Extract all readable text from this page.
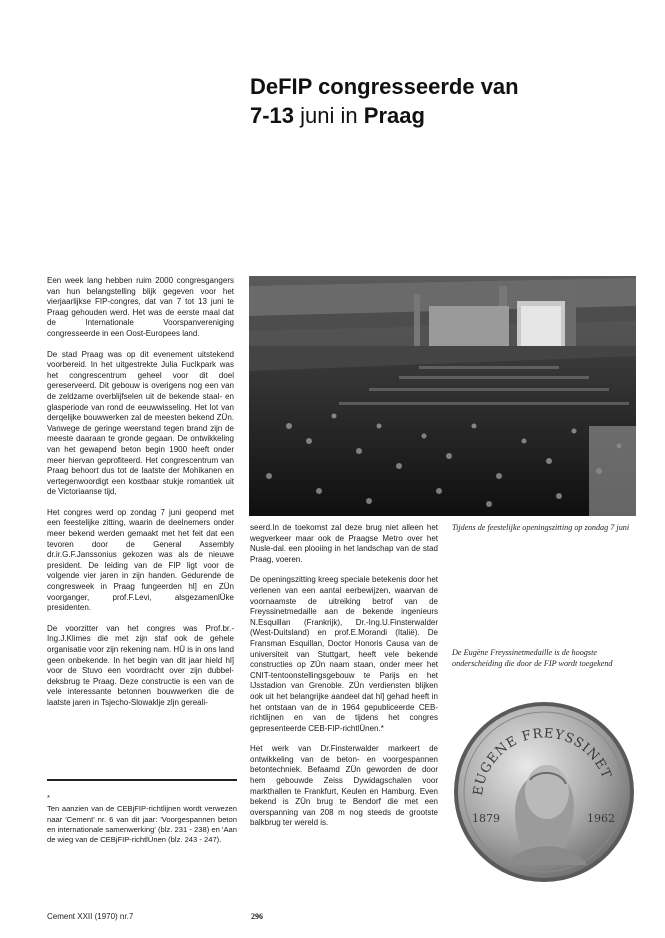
DeFIP congresseerde van
7-13 juni in Praag

Een week lang hebben ruim 2000 congresgangers van hun belangstelling blijk gegeven voor het vierjaarlijkse FIP-congres, dat van 7 tot 13 juni te Praag gehouden werd. Het was de eerste maal dat de Internationale Voorspanvereniging congresseerde in een Oost-Europees land.

De stad Praag was op dit evenement uitstekend voorbereid. In het uitgestrekte Julia Fuclkpark was het congrescentrum geheel voor dit doel gereserveerd. Dit gebouw is overigens nog een van de zeldzame overblijfselen uit de bekende staal- en glasperiode van rond de eeuwwisseling. Het lot van derqelijke bouwwerken zal de meesten bekend ZÜn. Vanwege de geringe weerstand tegen brand zijn de meeste daaraan te gronde gegaan. De ontwikkeling van het gewapend beton begin 1900 heeft onder meer hiervan geprofiteerd. Het congrescentrum van Praag behoort dus tot de laatste der Mohikanen en vertegenwoordigt een kostbaar stukje romantiek uit de Victoriaanse tijd,

Het congres werd op zondag 7 juni geopend met een feestelijke zitting, waarin de deelnemers onder meer bekend werden gemaakt met het feit dat een tevoren door de General Assembly dr.ir.G.F.Janssonius gekozen was als de nieuwe president. De leiding van de FIP ligt voor de volgende vier jaren in zijn handen. Gedurende de congresweek in Praag fungeerden hl] en ZÜn voorganger, prof.F.Levi, alsgezamenlÜke presidenten.

De voorzitter van het congres was Prof.br.-Ing.J.Klimes die met zijn staf ook de gehele organisatie voor zijn rekening nam. HÜ is in ons land geen onbekende. In het begin van dit jaar hield hl] voor de Stuvo een voordracht over zijn dubbel-deksbrug te Praag. Deze constructie is een van de vele interessante betonnen bouwwerken die de laatste jaren in Tsjecho-Slowaklje zljn gereali-

*
Ten aanzien van de CEBjFIP-richtlijnen wordt verwezen naar 'Cement' nr. 6 van dit jaar: 'Voorgespannen beton en internationale samenwerking' (blz. 231 - 238) en 'Aan de wieg van de CEBjFIP-richtlÜnen (blz. 243 - 247).

seerd.In de toekomst zal deze brug niet alleen het wegverkeer maar ook de Praagse Metro over het Nusle-dal. een plooiing in het landschap van de stad Praag, voeren.

De openingszitting kreeg speciale betekenis door het verlenen van een aantal eerbewijzen, waarvan de voornaamste de uitreiking betrof van de Freyssinetmedaille aan de bekende ingenieurs N.Esquillan (Frankrijk), Dr.-Ing.U.Finsterwalder (West-Duitsland) en prof.E.Morandi (Italië). De Fransman Esquillan, Doctor Honoris Causa van de universiteit van Stuttgart, heeft vele bekende constructies op ZÜn naam staan, onder meer het CNIT-tentoonstellingsgebouw te Parijs en het IJsstadion van Grenoble. ZÜn verdiensten blijken ook uit het belangrijke aandeel dat hl] gehad heeft in het ontstaan van de in 1964 gepubliceerde CEB-richtlijnen en van de tijdens het congres gepresenteerde CEB-FIP-richtlÜnen.*

Het werk van Dr.Finsterwalder markeert de ontwikkeling van de beton- en voorgespannen betontechniek. Befaamd ZÜn geworden de door hem gebouwde Zeiss Dywidagschalen voor markthallen te Frankfurt, Keulen en Hamburg. Even bekend is ZÜn brug te Bendorf die met een overspanning van 208 m nog steeds de grootste balkbrug ter wereld is.

Tijdens de feestelijke openingszitting op zondag 7 juni
De Eugène Freyssinetmedaille is de hoogste onderscheiding die door de FIP wordt toegekend
EUGENE FREYSSINET
1879	1962
Cement XXII (1970) nr.7	296
